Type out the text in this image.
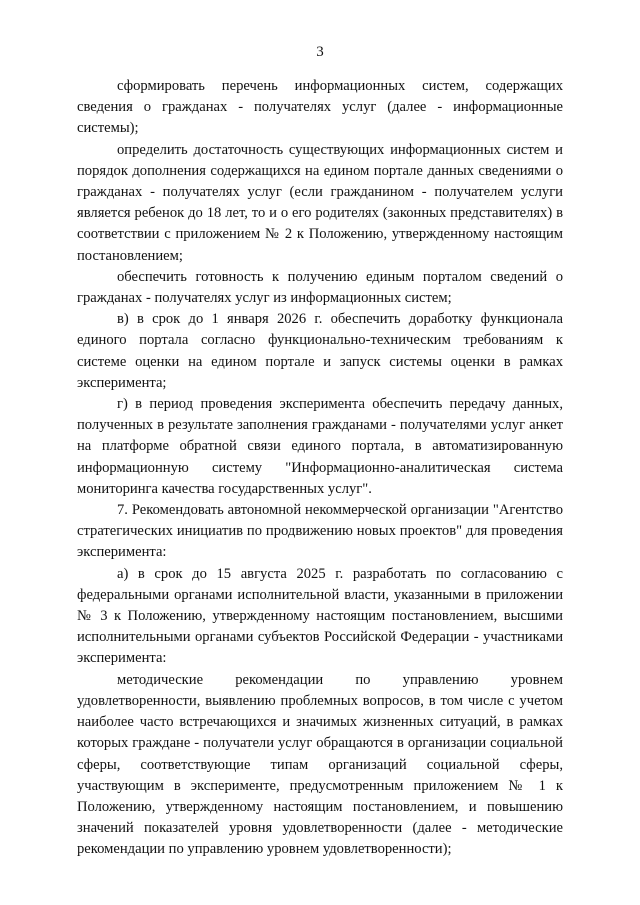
3

сформировать перечень информационных систем, содержащих сведения о гражданах - получателях услуг (далее - информационные системы);

определить достаточность существующих информационных систем и порядок дополнения содержащихся на едином портале данных сведениями о гражданах - получателях услуг (если гражданином - получателем услуги является ребенок до 18 лет, то и о его родителях (законных представителях) в соответствии с приложением № 2 к Положению, утвержденному настоящим постановлением;

обеспечить готовность к получению единым порталом сведений о гражданах - получателях услуг из информационных систем;

в) в срок до 1 января 2026 г. обеспечить доработку функционала единого портала согласно функционально-техническим требованиям к системе оценки на едином портале и запуск системы оценки в рамках эксперимента;

г) в период проведения эксперимента обеспечить передачу данных, полученных в результате заполнения гражданами - получателями услуг анкет на платформе обратной связи единого портала, в автоматизированную информационную систему "Информационно-аналитическая система мониторинга качества государственных услуг".

7. Рекомендовать автономной некоммерческой организации "Агентство стратегических инициатив по продвижению новых проектов" для проведения эксперимента:

а) в срок до 15 августа 2025 г. разработать по согласованию с федеральными органами исполнительной власти, указанными в приложении № 3 к Положению, утвержденному настоящим постановлением, высшими исполнительными органами субъектов Российской Федерации - участниками эксперимента:

методические рекомендации по управлению уровнем удовлетворенности, выявлению проблемных вопросов, в том числе с учетом наиболее часто встречающихся и значимых жизненных ситуаций, в рамках которых граждане - получатели услуг обращаются в организации социальной сферы, соответствующие типам организаций социальной сферы, участвующим в эксперименте, предусмотренным приложением № 1 к Положению, утвержденному настоящим постановлением, и повышению значений показателей уровня удовлетворенности (далее - методические рекомендации по управлению уровнем удовлетворенности);
